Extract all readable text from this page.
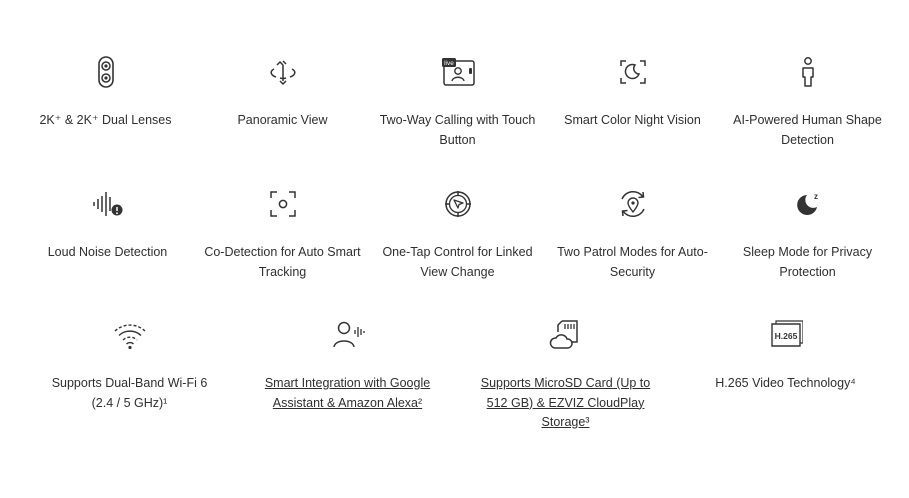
2K⁺ & 2K⁺ Dual Lenses	Panoramic View
live
Two-Way Calling with Touch Button
Smart Color Night Vision	AI-Powered Human Shape Detection
Loud Noise Detection	Co-Detection for Auto Smart Tracking
One-Tap Control for Linked View Change
Two Patrol Modes for Auto-Security
z
Sleep Mode for Privacy Protection
Supports Dual-Band Wi-Fi 6 (2.4 / 5 GHz)¹
Smart Integration with Google Assistant & Amazon Alexa²
Supports MicroSD Card (Up to 512 GB) & EZVIZ CloudPlay Storage³
H.265
H.265 Video Technology⁴
